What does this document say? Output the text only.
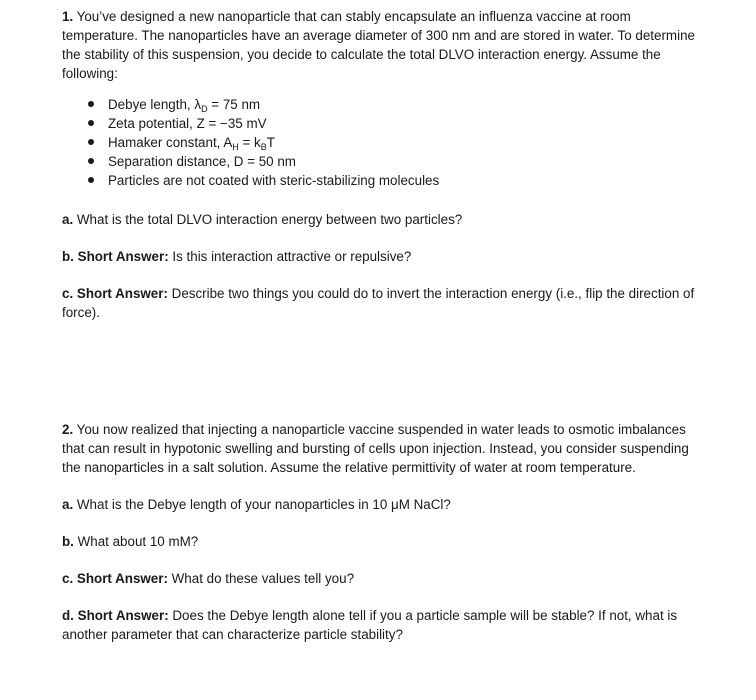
1. You’ve designed a new nanoparticle that can stably encapsulate an influenza vaccine at room temperature. The nanoparticles have an average diameter of 300 nm and are stored in water. To determine the stability of this suspension, you decide to calculate the total DLVO interaction energy. Assume the following:

Debye length, $\lambda_D = 75$ nm
Zeta potential, Z = −35 mV
Hamaker constant, $A_H = k_BT$
Separation distance, D = 50 nm
Particles are not coated with steric-stabilizing molecules

a. What is the total DLVO interaction energy between two particles?

b. Short Answer: Is this interaction attractive or repulsive?

c. Short Answer: Describe two things you could do to invert the interaction energy (i.e., flip the direction of force).

2. You now realized that injecting a nanoparticle vaccine suspended in water leads to osmotic imbalances that can result in hypotonic swelling and bursting of cells upon injection. Instead, you consider suspending the nanoparticles in a salt solution. Assume the relative permittivity of water at room temperature.

a. What is the Debye length of your nanoparticles in 10 μM NaCl?

b. What about 10 mM?

c. Short Answer: What do these values tell you?

d. Short Answer: Does the Debye length alone tell if you a particle sample will be stable? If not, what is another parameter that can characterize particle stability?
